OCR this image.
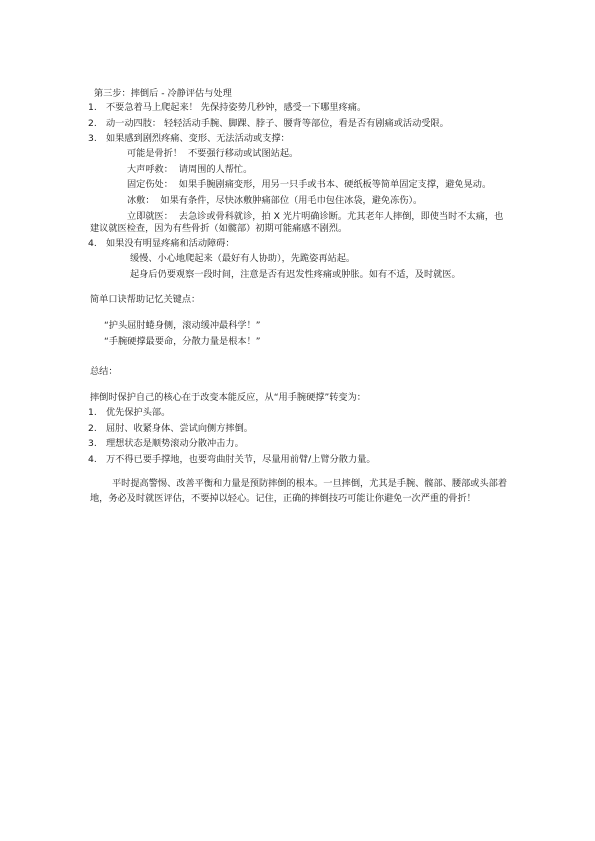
第三步：摔倒后 - 冷静评估与处理

1. 不要急着马上爬起来！ 先保持姿势几秒钟，感受一下哪里疼痛。
2. 动一动四肢： 轻轻活动手腕、脚踝、脖子、腰背等部位，看是否有剧痛或活动受限。
3. 如果感到剧烈疼痛、变形、无法活动或支撑：

可能是骨折！  不要强行移动或试图站起。

大声呼救：  请周围的人帮忙。

固定伤处：  如果手腕剧痛变形，用另一只手或书本、硬纸板等简单固定支撑，避免晃动。

冰敷：  如果有条件，尽快冰敷肿痛部位（用毛巾包住冰袋，避免冻伤）。

立即就医：  去急诊或骨科就诊，拍 X 光片明确诊断。尤其老年人摔倒，即使当时不太痛，也建议就医检查，因为有些骨折（如髋部）初期可能痛感不剧烈。

4. 如果没有明显疼痛和活动障碍：

缓慢、小心地爬起来（最好有人协助），先跪姿再站起。

起身后仍要观察一段时间，注意是否有迟发性疼痛或肿胀。如有不适，及时就医。

简单口诀帮助记忆关键点：

“护头屈肘蜷身侧，滚动缓冲最科学！”

“手腕硬撑最要命，分散力量是根本！”

总结：

摔倒时保护自己的核心在于改变本能反应，从“用手腕硬撑”转变为：

1. 优先保护头部。
2. 屈肘、收紧身体、尝试向侧方摔倒。
3. 理想状态是顺势滚动分散冲击力。
4. 万不得已要手撑地，也要弯曲肘关节，尽量用前臂/上臂分散力量。

平时提高警惕、改善平衡和力量是预防摔倒的根本。一旦摔倒，尤其是手腕、髋部、腰部或头部着地，务必及时就医评估，不要掉以轻心。记住，正确的摔倒技巧可能让你避免一次严重的骨折！
